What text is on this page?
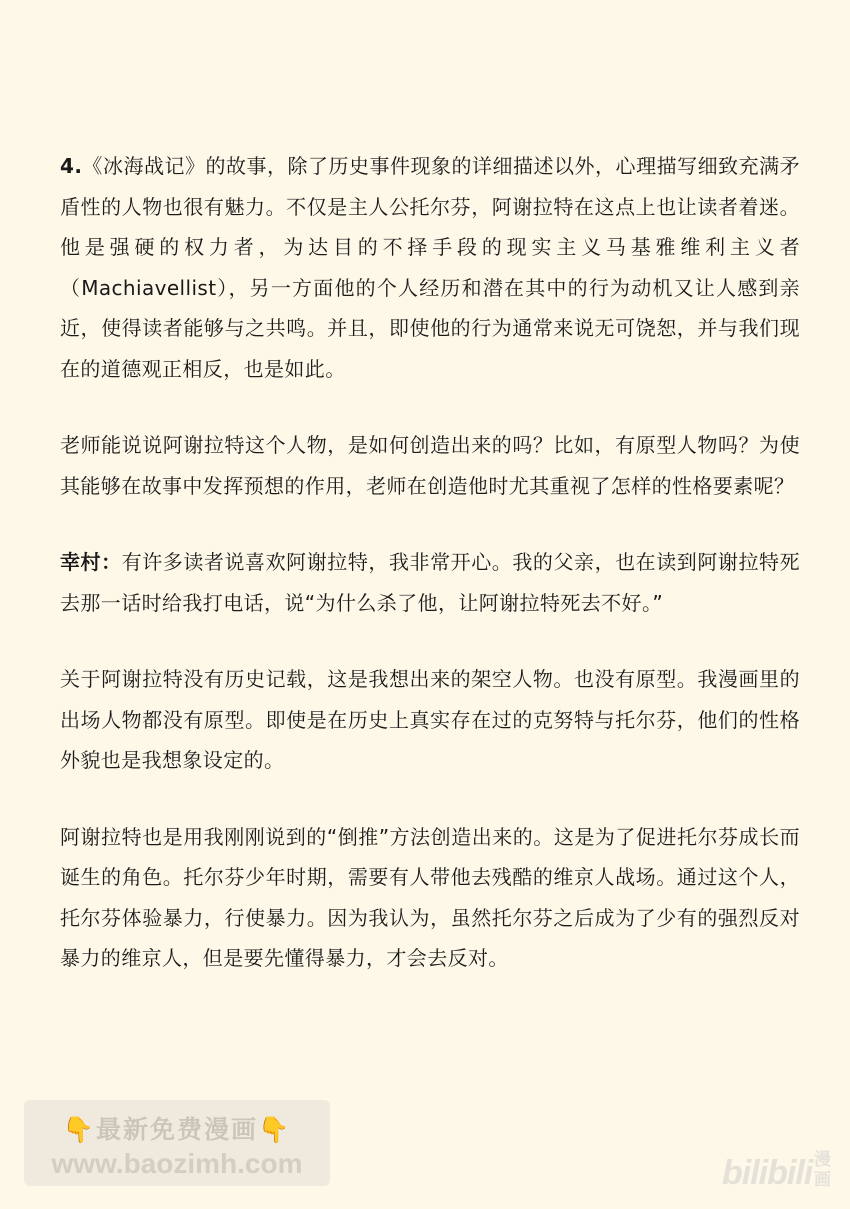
4.《冰海战记》的故事，除了历史事件现象的详细描述以外，心理描写细致充满矛盾性的人物也很有魅力。不仅是主人公托尔芬，阿谢拉特在这点上也让读者着迷。他是强硬的权力者，为达目的不择手段的现实主义马基雅维利主义者（Machiavellist），另一方面他的个人经历和潜在其中的行为动机又让人感到亲近，使得读者能够与之共鸣。并且，即使他的行为通常来说无可饶恕，并与我们现在的道德观正相反，也是如此。

老师能说说阿谢拉特这个人物，是如何创造出来的吗？比如，有原型人物吗？为使其能够在故事中发挥预想的作用，老师在创造他时尤其重视了怎样的性格要素呢？

幸村：有许多读者说喜欢阿谢拉特，我非常开心。我的父亲，也在读到阿谢拉特死去那一话时给我打电话，说“为什么杀了他，让阿谢拉特死去不好。”

关于阿谢拉特没有历史记载，这是我想出来的架空人物。也没有原型。我漫画里的出场人物都没有原型。即使是在历史上真实存在过的克努特与托尔芬，他们的性格外貌也是我想象设定的。

阿谢拉特也是用我刚刚说到的“倒推”方法创造出来的。这是为了促进托尔芬成长而诞生的角色。托尔芬少年时期，需要有人带他去残酷的维京人战场。通过这个人，托尔芬体验暴力，行使暴力。因为我认为，虽然托尔芬之后成为了少有的强烈反对暴力的维京人，但是要先懂得暴力，才会去反对。

👇最新免费漫画👇
www.baozimh.com	bilibili 漫画
